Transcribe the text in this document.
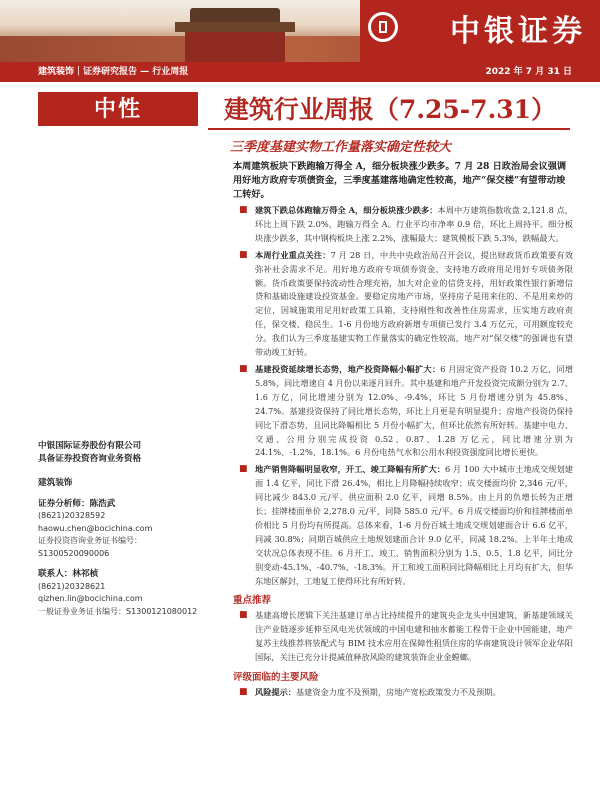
中银证券
建筑装饰｜证券研究报告 — 行业周报	2022 年 7 月 31 日
中性	建筑行业周报（7.25-7.31）
三季度基建实物工作量落实确定性较大
本周建筑板块下跌跑输万得全 A，细分板块涨少跌多。7 月 28 日政治局会议强调用好地方政府专项债资金，三季度基建落地确定性较高，地产“保交楼”有望带动竣工转好。
■ 建筑下跌总体跑输万得全 A，细分板块涨少跌多：本周中万建筑指数收盘 2,121.8 点，环比上周下跌 2.0%，跑输万得全 A。行业平均市净率 0.9 倍，环比上周持平。细分板块涨少跌多，其中钢构板块上涨 2.2%，涨幅最大；建筑模板下跌 5.3%，跌幅最大。
■ 本周行业重点关注：7 月 28 日，中共中央政治局召开会议，提出财政货币政策要有效弥补社会需求不足。用好地方政府专项债券资金，支持地方政府用足用好专项债务限额。货币政策要保持流动性合理充裕，加大对企业的信贷支持，用好政策性银行新增信贷和基础设施建设投资基金。要稳定房地产市场，坚持房子是用来住的、不是用来炒的定位，因城施策用足用好政策工具箱，支持刚性和改善性住房需求，压实地方政府责任，保交楼、稳民生。1-6 月份地方政府新增专项债已发行 3.4 万亿元，可用额度较充分。我们认为三季度基建实物工作量落实的确定性较高，地产对“保交楼”的强调也有望带动竣工好转。
■ 基建投资延续增长态势，地产投资降幅小幅扩大：6 月固定资产投资 10.2 万亿，同增 5.8%，同比增速自 4 月份以来逐月回升。其中基建和地产开发投资完成额分别为 2.7、1.6 万亿，同比增速分别为 12.0%、-9.4%，环比 5 月份增速分别为 45.8%、24.7%。基建投资保持了同比增长态势，环比上月更是有明显提升；房地产投资仍保持同比下滑态势，且同比降幅相比 5 月份小幅扩大，但环比依然有所好转。基建中电力、交通、公用分别完成投资 0.52、0.87、1.28 万亿元，同比增速分别为 24.1%、-1.2%、18.1%。6 月份电热气水和公用水利投资强度同比增长更快。
■ 地产销售降幅明显收窄，开工、竣工降幅有所扩大：6 月 100 大中城市土地成交规划建面 1.4 亿平，同比下滑 26.4%，相比上月降幅持续收窄；成交楼面均价 2,346 元/平，同比减少 843.0 元/平。供应面积 2.0 亿平，同增 8.5%。由上月的负增长转为正增长；挂牌楼面单价 2,278.0 元/平，同降 585.0 元/平。6 月成交楼面均价和挂牌楼面单价相比 5 月份均有所提高。总体来看，1-6 月份百城土地成交规划建面合计 6.6 亿平，同减 30.8%；同期百城供应土地规划建面合计 9.0 亿平，同减 18.2%。上半年土地成交状况总体表现不佳。6 月开工、竣工、销售面积分别为 1.5、0.5、1.8 亿平，同比分别变动-45.1%、-40.7%、-18.3%。开工和竣工面积同比降幅相比上月均有扩大，但华东地区解封，工地复工使得环比有所好转。
重点推荐
■ 基建高增长逻辑下关注基建订单占比持续提升的建筑央企龙头中国建筑，新基建领域关注产业链逐步延伸至风电光伏领域的中国电建和抽水蓄能工程骨干企业中国能建，地产复苏主线推荐将装配式与 BIM 技术应用在保障性租赁住房的华南建筑设计领军企业华阳国际，关注已充分计提减值释放风险的建筑装饰企业金螳螂。
评级面临的主要风险
■ 风险提示：基建资金力度不及预期，房地产宽松政策发力不及预期。
中银国际证券股份有限公司
具备证券投资咨询业务资格
建筑装饰
证券分析师：陈浩武
(8621)20328592
haowu.chen@bocichina.com
证券投资咨询业务证书编号：S1300520090006
联系人：林祁桢
(8621)20328621
qizhen.lin@bocichina.com
一般证券业务证书编号：S1300121080012
